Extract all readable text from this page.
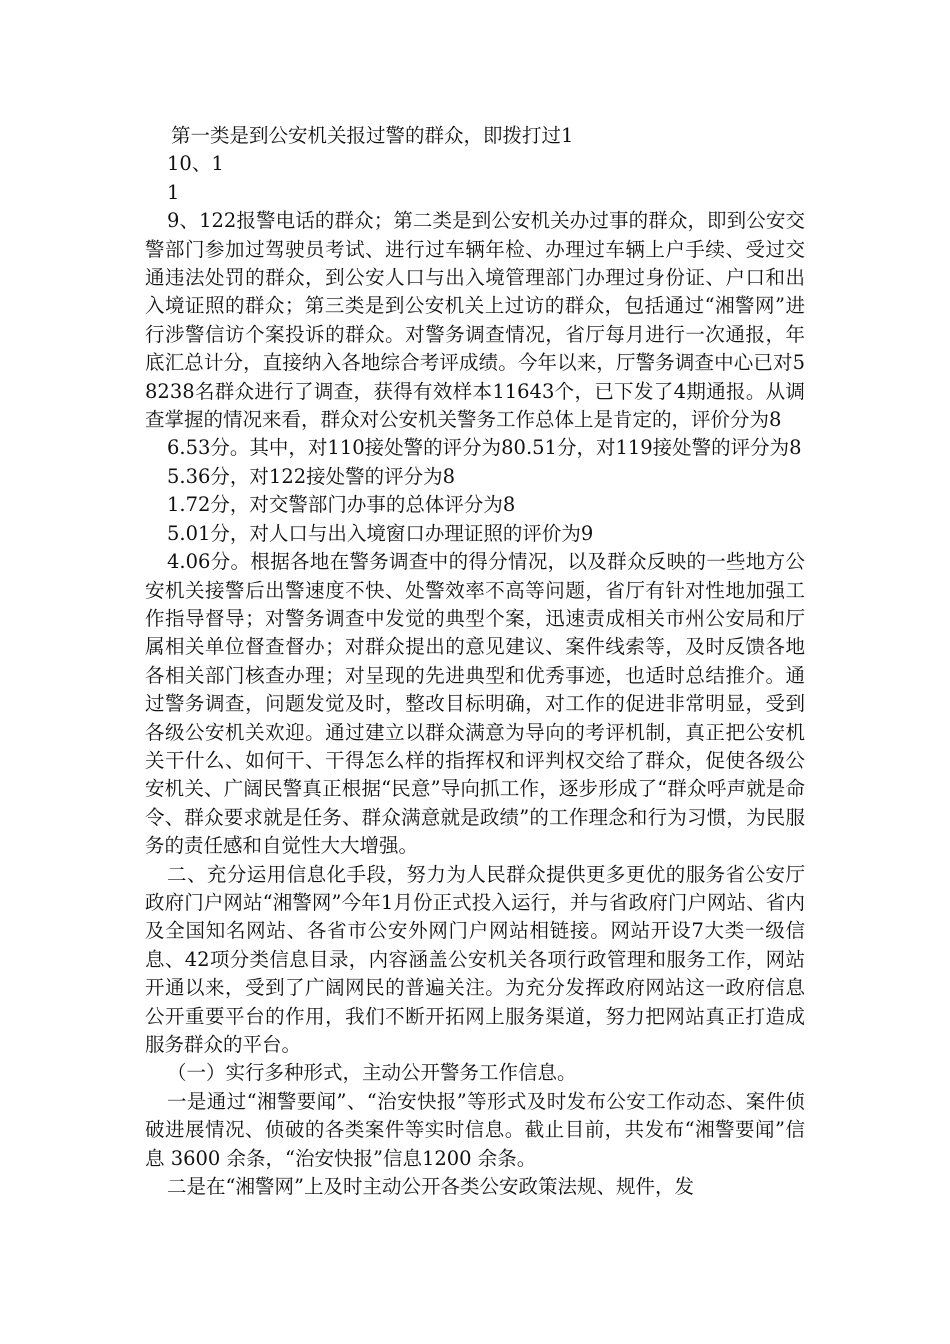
第一类是到公安机关报过警的群众，即拨打过1

10、1

1

9、122报警电话的群众；第二类是到公安机关办过事的群众，即到公安交警部门参加过驾驶员考试、进行过车辆年检、办理过车辆上户手续、受过交通违法处罚的群众，到公安人口与出入境管理部门办理过身份证、户口和出入境证照的群众；第三类是到公安机关上过访的群众，包括通过“湘警网”进行涉警信访个案投诉的群众。对警务调查情况，省厅每月进行一次通报，年底汇总计分，直接纳入各地综合考评成绩。今年以来，厅警务调查中心已对58238名群众进行了调查，获得有效样本11643个，已下发了4期通报。从调查掌握的情况来看，群众对公安机关警务工作总体上是肯定的，评价分为8

6.53分。其中，对110接处警的评分为80.51分，对119接处警的评分为8

5.36分，对122接处警的评分为8

1.72分，对交警部门办事的总体评分为8

5.01分，对人口与出入境窗口办理证照的评价为9

4.06分。根据各地在警务调查中的得分情况，以及群众反映的一些地方公安机关接警后出警速度不快、处警效率不高等问题，省厅有针对性地加强工作指导督导；对警务调查中发觉的典型个案，迅速责成相关市州公安局和厅属相关单位督查督办；对群众提出的意见建议、案件线索等，及时反馈各地各相关部门核查办理；对呈现的先进典型和优秀事迹，也适时总结推介。通过警务调查，问题发觉及时，整改目标明确，对工作的促进非常明显，受到各级公安机关欢迎。通过建立以群众满意为导向的考评机制，真正把公安机关干什么、如何干、干得怎么样的指挥权和评判权交给了群众，促使各级公安机关、广阔民警真正根据“民意”导向抓工作，逐步形成了“群众呼声就是命令、群众要求就是任务、群众满意就是政绩”的工作理念和行为习惯，为民服务的责任感和自觉性大大增强。

二、充分运用信息化手段，努力为人民群众提供更多更优的服务省公安厅政府门户网站“湘警网”今年1月份正式投入运行，并与省政府门户网站、省内及全国知名网站、各省市公安外网门户网站相链接。网站开设7大类一级信息、42项分类信息目录，内容涵盖公安机关各项行政管理和服务工作，网站开通以来，受到了广阔网民的普遍关注。为充分发挥政府网站这一政府信息公开重要平台的作用，我们不断开拓网上服务渠道，努力把网站真正打造成服务群众的平台。

（一）实行多种形式，主动公开警务工作信息。

一是通过“湘警要闻”、“治安快报”等形式及时发布公安工作动态、案件侦破进展情况、侦破的各类案件等实时信息。截止目前，共发布“湘警要闻”信息 3600 余条，“治安快报”信息1200 余条。

二是在“湘警网”上及时主动公开各类公安政策法规、规件，发
